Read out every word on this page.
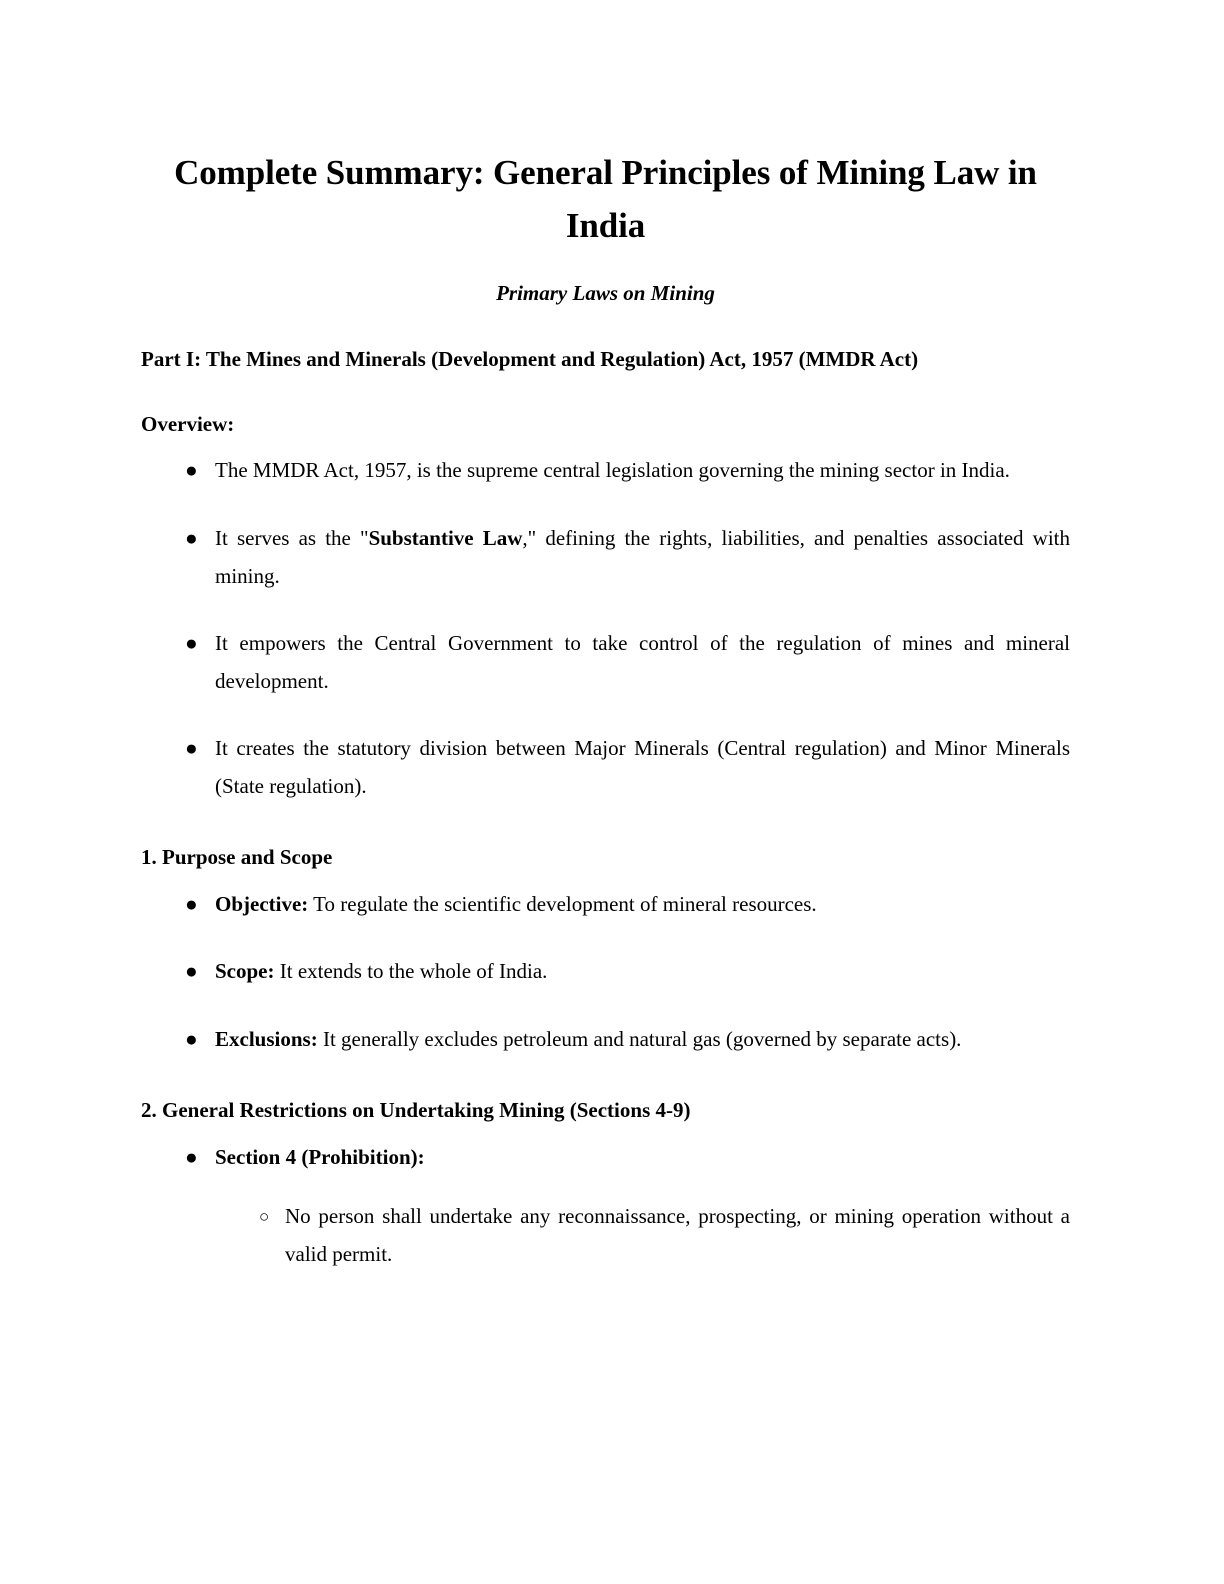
Complete Summary: General Principles of Mining Law in India
Primary Laws on Mining
Part I: The Mines and Minerals (Development and Regulation) Act, 1957 (MMDR Act)
Overview:
● The MMDR Act, 1957, is the supreme central legislation governing the mining sector in India.
● It serves as the "Substantive Law," defining the rights, liabilities, and penalties associated with mining.
● It empowers the Central Government to take control of the regulation of mines and mineral development.
● It creates the statutory division between Major Minerals (Central regulation) and Minor Minerals (State regulation).
1. Purpose and Scope
● Objective: To regulate the scientific development of mineral resources.
● Scope: It extends to the whole of India.
● Exclusions: It generally excludes petroleum and natural gas (governed by separate acts).
2. General Restrictions on Undertaking Mining (Sections 4-9)
● Section 4 (Prohibition):
○ No person shall undertake any reconnaissance, prospecting, or mining operation without a valid permit.
